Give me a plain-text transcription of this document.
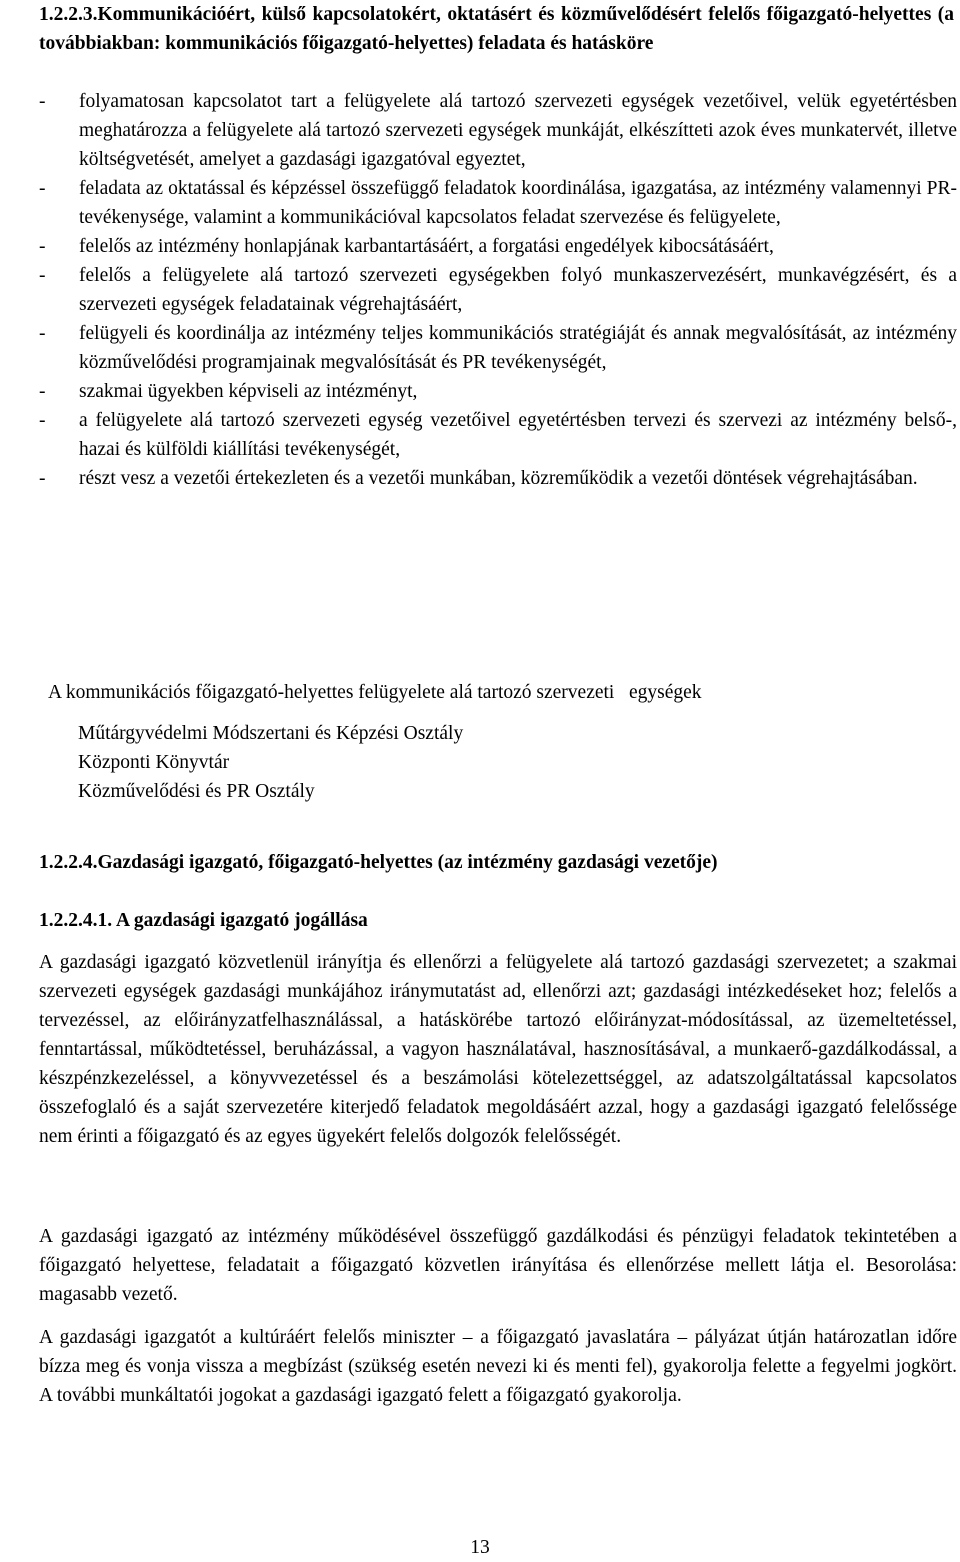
1.2.2.3.Kommunikációért, külső kapcsolatokért, oktatásért és közművelődésért felelős főigazgató-helyettes (a továbbiakban: kommunikációs főigazgató-helyettes) feladata és hatásköre
- folyamatosan kapcsolatot tart a felügyelete alá tartozó szervezeti egységek vezetőivel, velük egyetértésben meghatározza a felügyelete alá tartozó szervezeti egységek munkáját, elkészítteti azok éves munkatervét, illetve költségvetését, amelyet a gazdasági igazgatóval egyeztet,
- feladata az oktatással és képzéssel összefüggő feladatok koordinálása, igazgatása, az intézmény valamennyi PR-tevékenysége, valamint a kommunikációval kapcsolatos feladat szervezése és felügyelete,
- felelős az intézmény honlapjának karbantartásáért, a forgatási engedélyek kibocsátásáért,
- felelős a felügyelete alá tartozó szervezeti egységekben folyó munkaszervezésért, munkavégzésért, és a szervezeti egységek feladatainak végrehajtásáért,
- felügyeli és koordinálja az intézmény teljes kommunikációs stratégiáját és annak megvalósítását, az intézmény közművelődési programjainak megvalósítását és PR tevékenységét,
- szakmai ügyekben képviseli az intézményt,
- a felügyelete alá tartozó szervezeti egység vezetőivel egyetértésben tervezi és szervezi az intézmény belső-, hazai és külföldi kiállítási tevékenységét,
- részt vesz a vezetői értekezleten és a vezetői munkában, közreműködik a vezetői döntések végrehajtásában.
A kommunikációs főigazgató-helyettes felügyelete alá tartozó szervezeti   egységek
Műtárgyvédelmi Módszertani és Képzési Osztály
Központi Könyvtár
Közművelődési és PR Osztály
1.2.2.4.Gazdasági igazgató, főigazgató-helyettes (az intézmény gazdasági vezetője)
1.2.2.4.1. A gazdasági igazgató jogállása

A gazdasági igazgató közvetlenül irányítja és ellenőrzi a felügyelete alá tartozó gazdasági szervezetet; a szakmai szervezeti egységek gazdasági munkájához iránymutatást ad, ellenőrzi azt; gazdasági intézkedéseket hoz; felelős a tervezéssel, az előirányzatfelhasználással, a hatáskörébe tartozó előirányzat-módosítással, az üzemeltetéssel, fenntartással, működtetéssel, beruházással, a vagyon használatával, hasznosításával, a munkaerő-gazdálkodással, a készpénzkezeléssel, a könyvvezetéssel és a beszámolási kötelezettséggel, az adatszolgáltatással kapcsolatos összefoglaló és a saját szervezetére kiterjedő feladatok megoldásáért azzal, hogy a gazdasági igazgató felelőssége nem érinti a főigazgató és az egyes ügyekért felelős dolgozók felelősségét.

A gazdasági igazgató az intézmény működésével összefüggő gazdálkodási és pénzügyi feladatok tekintetében a főigazgató helyettese, feladatait a főigazgató közvetlen irányítása és ellenőrzése mellett látja el. Besorolása: magasabb vezető.

A gazdasági igazgatót a kultúráért felelős miniszter – a főigazgató javaslatára – pályázat útján határozatlan időre bízza meg és vonja vissza a megbízást (szükség esetén nevezi ki és menti fel), gyakorolja felette a fegyelmi jogkört. A további munkáltatói jogokat a gazdasági igazgató felett a főigazgató gyakorolja.

13
